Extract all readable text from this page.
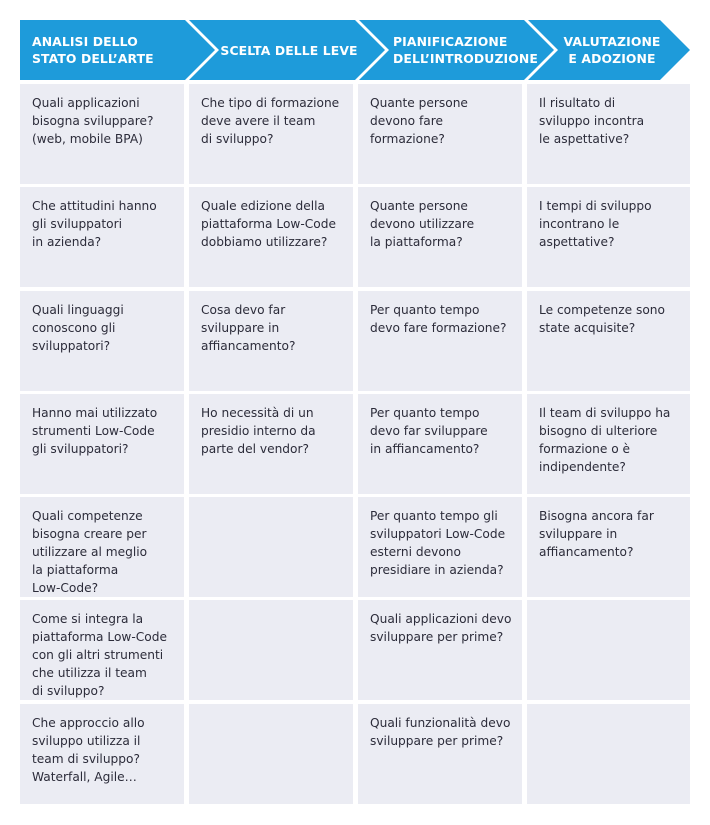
ANALISI DELLO
STATO DELL’ARTE
SCELTA DELLE LEVE
PIANIFICAZIONE
DELL’INTRODUZIONE
VALUTAZIONE
E ADOZIONE
Quali applicazioni
bisogna sviluppare?
(web, mobile BPA)
Che tipo di formazione
deve avere il team
di sviluppo?
Quante persone
devono fare
formazione?
Il risultato di
sviluppo incontra
le aspettative?
Che attitudini hanno
gli sviluppatori
in azienda?
Quale edizione della
piattaforma Low-Code
dobbiamo utilizzare?
Quante persone
devono utilizzare
la piattaforma?
I tempi di sviluppo
incontrano le
aspettative?
Quali linguaggi
conoscono gli
sviluppatori?
Cosa devo far
sviluppare in
affiancamento?
Per quanto tempo
devo fare formazione?
Le competenze sono
state acquisite?
Hanno mai utilizzato
strumenti Low-Code
gli sviluppatori?
Ho necessità di un
presidio interno da
parte del vendor?
Per quanto tempo
devo far sviluppare
in affiancamento?
Il team di sviluppo ha
bisogno di ulteriore
formazione o è
indipendente?
Quali competenze
bisogna creare per
utilizzare al meglio
la piattaforma
Low-Code?
Per quanto tempo gli
sviluppatori Low-Code
esterni devono
presidiare in azienda?
Bisogna ancora far
sviluppare in
affiancamento?
Come si integra la
piattaforma Low-Code
con gli altri strumenti
che utilizza il team
di sviluppo?
Quali applicazioni devo
sviluppare per prime?
Che approccio allo
sviluppo utilizza il
team di sviluppo?
Waterfall, Agile…
Quali funzionalità devo
sviluppare per prime?
